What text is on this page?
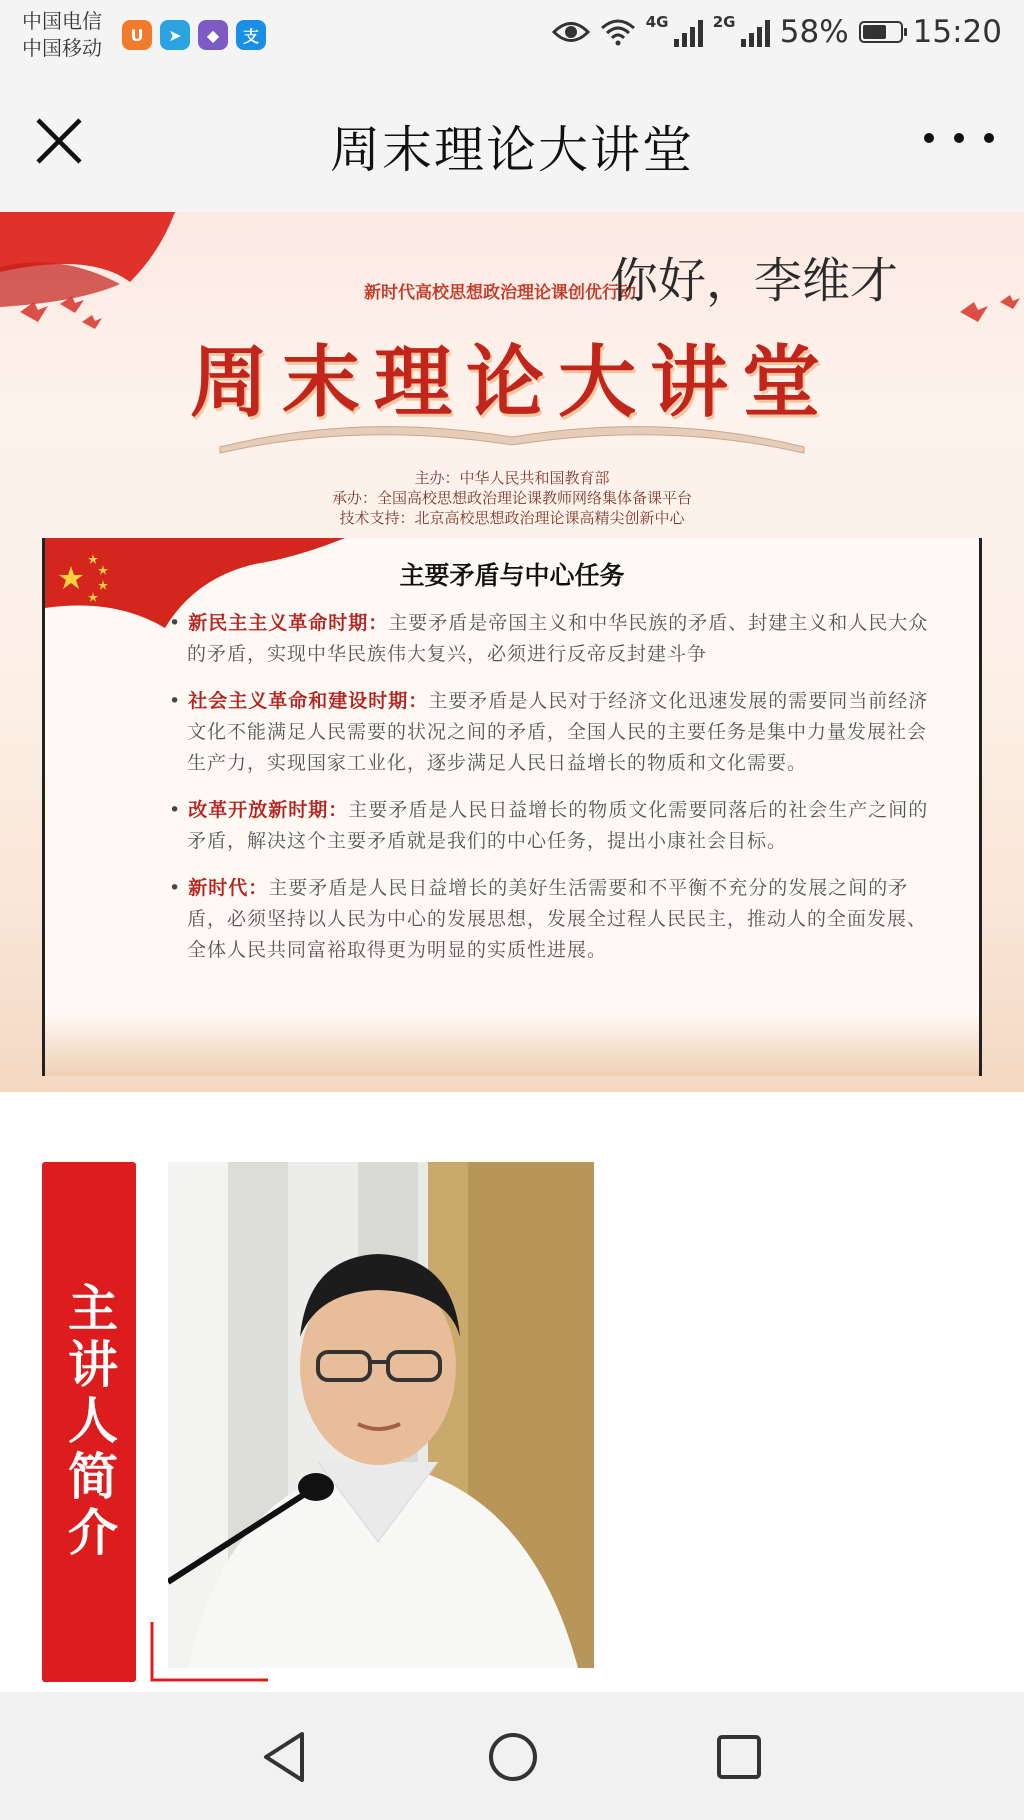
中国电信
中国移动
U	➤	◆	支
4G	2G 58% 15:20
周末理论大讲堂
新时代高校思想政治理论课创优行动
你好，李维才
周末理论大讲堂
主办：中华人民共和国教育部
承办：全国高校思想政治理论课教师网络集体备课平台
技术支持：北京高校思想政治理论课高精尖创新中心
主要矛盾与中心任务
• 新民主主义革命时期：主要矛盾是帝国主义和中华民族的矛盾、封建主义和人民大众的矛盾，实现中华民族伟大复兴，必须进行反帝反封建斗争
• 社会主义革命和建设时期：主要矛盾是人民对于经济文化迅速发展的需要同当前经济文化不能满足人民需要的状况之间的矛盾，全国人民的主要任务是集中力量发展社会生产力，实现国家工业化，逐步满足人民日益增长的物质和文化需要。
• 改革开放新时期：主要矛盾是人民日益增长的物质文化需要同落后的社会生产之间的矛盾，解决这个主要矛盾就是我们的中心任务，提出小康社会目标。
• 新时代：主要矛盾是人民日益增长的美好生活需要和不平衡不充分的发展之间的矛盾，必须坚持以人民为中心的发展思想，发展全过程人民民主，推动人的全面发展、全体人民共同富裕取得更为明显的实质性进展。
主讲人简介
